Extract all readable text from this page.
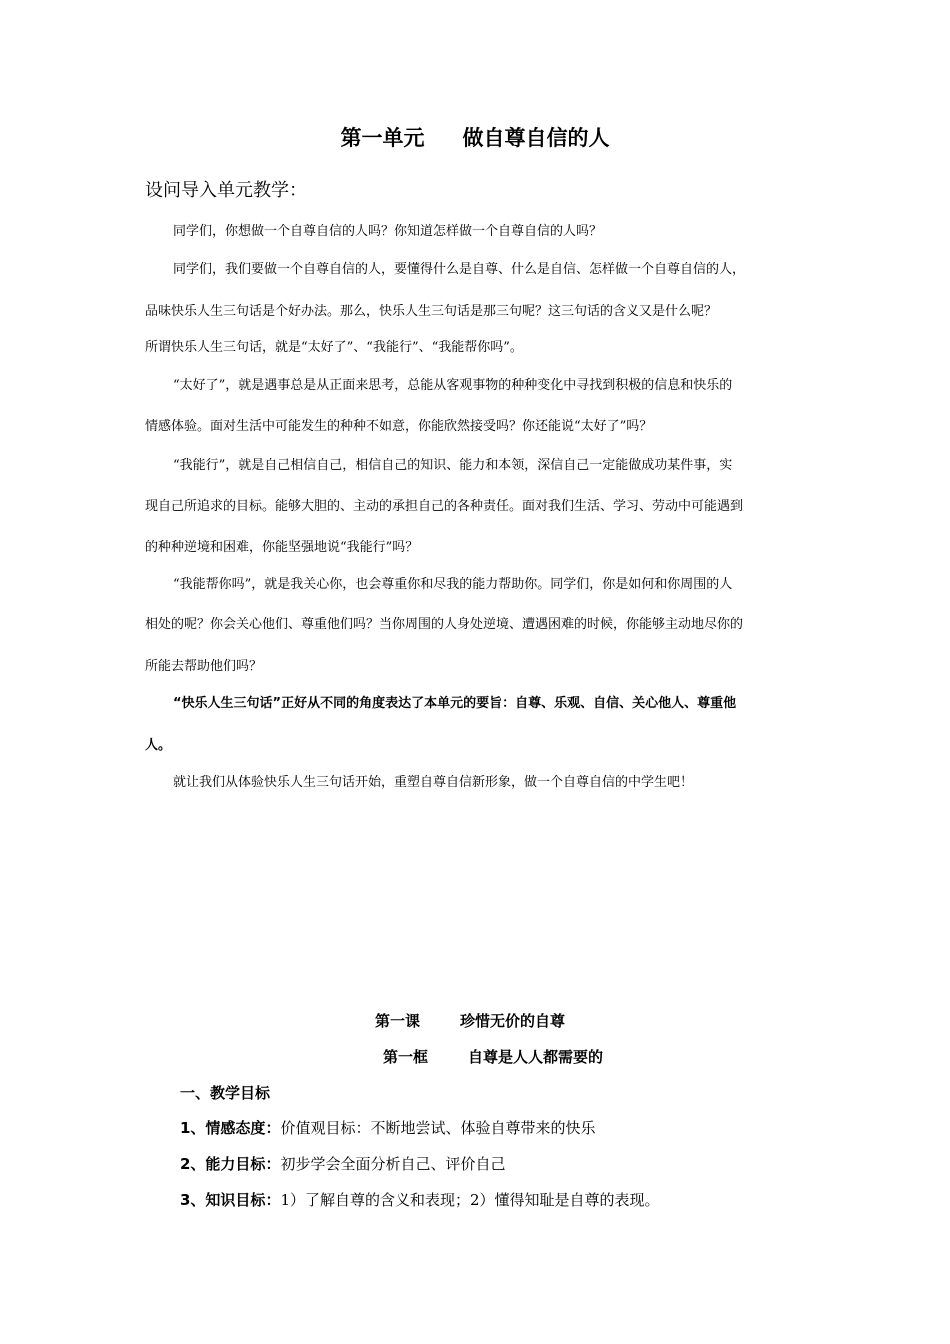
第一单元 做自尊自信的人
设问导入单元教学：
同学们，你想做一个自尊自信的人吗？你知道怎样做一个自尊自信的人吗？
同学们，我们要做一个自尊自信的人，要懂得什么是自尊、什么是自信、怎样做一个自尊自信的人，
品味快乐人生三句话是个好办法。那么，快乐人生三句话是那三句呢？这三句话的含义又是什么呢？
所谓快乐人生三句话，就是“太好了”、“我能行”、“我能帮你吗”。
“太好了”，就是遇事总是从正面来思考，总能从客观事物的种种变化中寻找到积极的信息和快乐的
情感体验。面对生活中可能发生的种种不如意，你能欣然接受吗？你还能说“太好了”吗？
“我能行”，就是自己相信自己，相信自己的知识、能力和本领，深信自己一定能做成功某件事，实
现自己所追求的目标。能够大胆的、主动的承担自己的各种责任。面对我们生活、学习、劳动中可能遇到
的种种逆境和困难，你能坚强地说“我能行”吗？
“我能帮你吗”，就是我关心你，也会尊重你和尽我的能力帮助你。同学们，你是如何和你周围的人
相处的呢？你会关心他们、尊重他们吗？当你周围的人身处逆境、遭遇困难的时候，你能够主动地尽你的
所能去帮助他们吗？
“快乐人生三句话”正好从不同的角度表达了本单元的要旨：自尊、乐观、自信、关心他人、尊重他
人。
就让我们从体验快乐人生三句话开始，重塑自尊自信新形象，做一个自尊自信的中学生吧！
第一课	珍惜无价的自尊
第一框	自尊是人人都需要的
一、教学目标
1、情感态度：价值观目标：不断地尝试、体验自尊带来的快乐
2、能力目标：初步学会全面分析自己、评价自己
3、知识目标：1）了解自尊的含义和表现；2）懂得知耻是自尊的表现。
